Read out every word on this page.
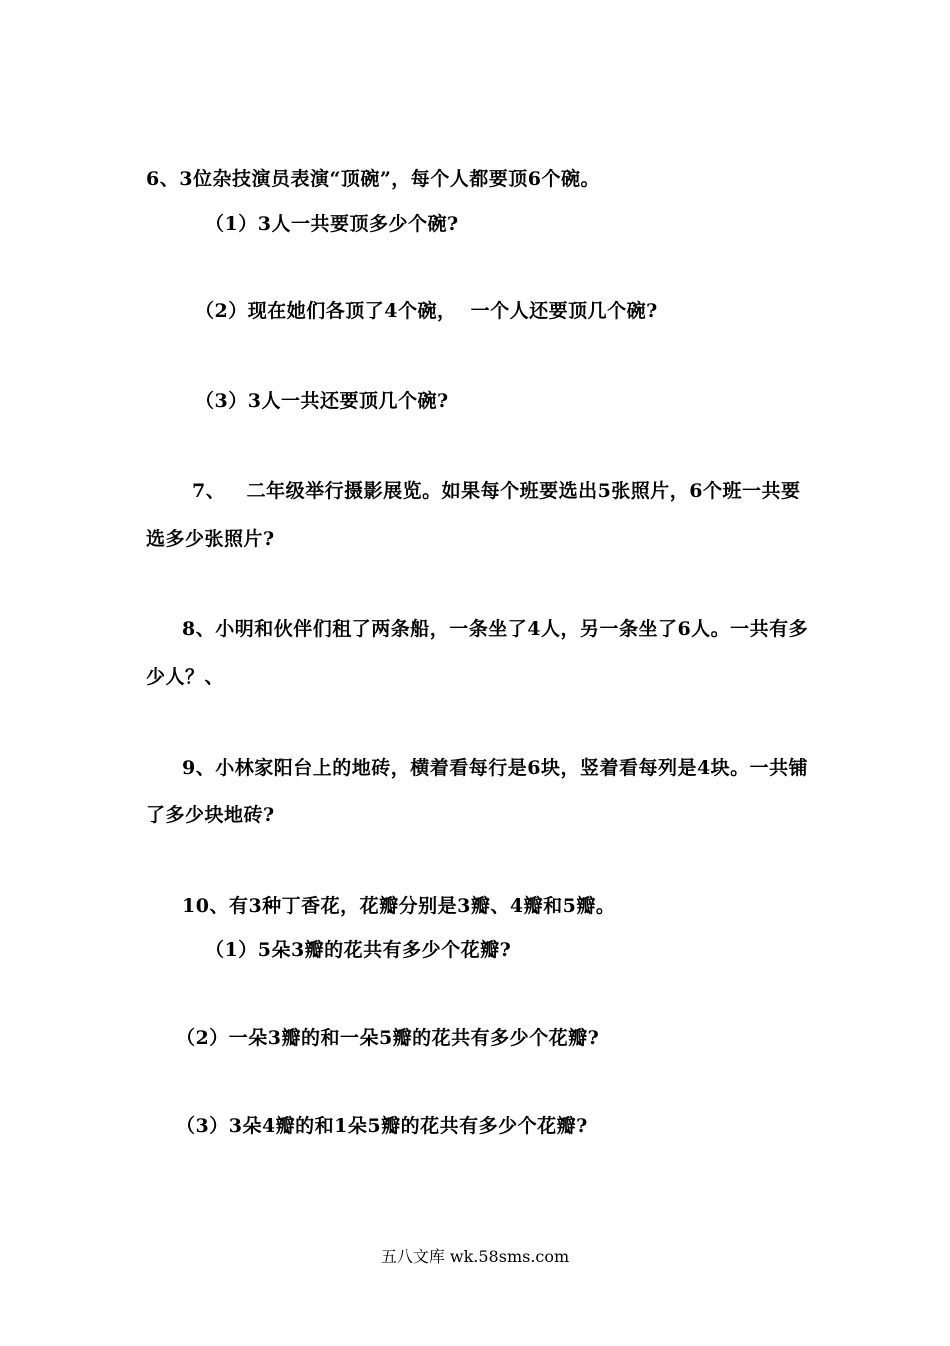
6、3位杂技演员表演“顶碗”，每个人都要顶6个碗。
（1）3人一共要顶多少个碗?
（2）现在她们各顶了4个碗，  一个人还要顶几个碗?
（3）3人一共还要顶几个碗?
7、   二年级举行摄影展览。如果每个班要选出5张照片，6个班一共要
选多少张照片?
8、小明和伙伴们租了两条船，一条坐了4人，另一条坐了6人。一共有多
少人？、
9、小林家阳台上的地砖，横着看每行是6块，竖着看每列是4块。一共铺
了多少块地砖?
10、有3种丁香花，花瓣分别是3瓣、4瓣和5瓣。
（1）5朵3瓣的花共有多少个花瓣?
（2）一朵3瓣的和一朵5瓣的花共有多少个花瓣?
（3）3朵4瓣的和1朵5瓣的花共有多少个花瓣?
五八文库 wk.58sms.com
